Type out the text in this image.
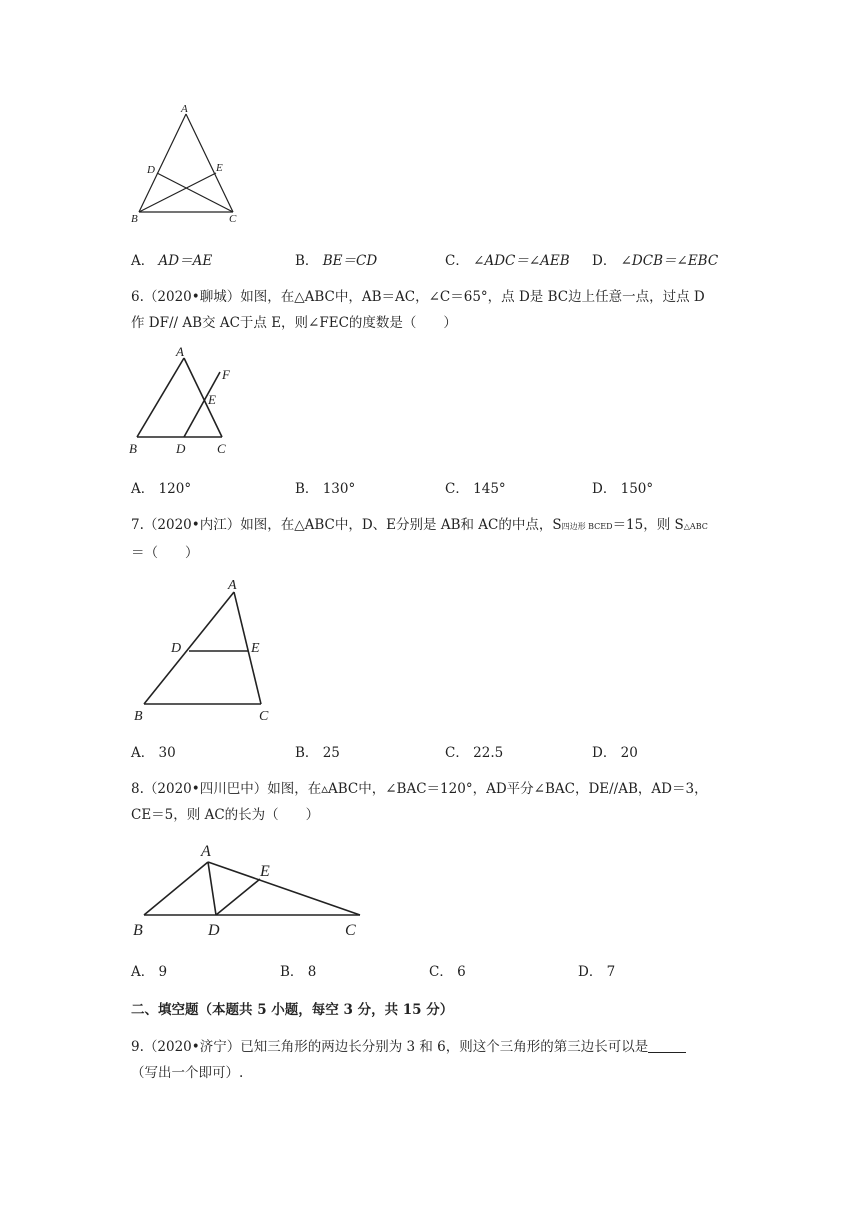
A
D	E
B	C
A． AD＝AE	B． BE＝CD	C． ∠ADC＝∠AEB D． ∠DCB＝∠EBC
6.（2020•聊城）如图，在△ABC中，AB＝AC，∠C＝65°，点 D是 BC边上任意一点，过点 D
作 DF// AB交 AC于点 E，则∠FEC的度数是（　　）
A
F
E
B	D C
A． 120°	B． 130°	C． 145°	D． 150°
7.（2020•内江）如图，在△ABC中，D、E分别是 AB和 AC的中点，S四边形 BCED＝15，则 S△ABC
＝（　　）
A
D	E
B	C
A． 30	B． 25	C． 22.5	D． 20
8.（2020•四川巴中）如图，在▵ABC中，∠BAC＝120°，AD平分∠BAC，DE//AB，AD＝3，
CE＝5，则 AC的长为（　　）
A
E
B	D	C
A． 9	B． 8	C． 6	D． 7
二、填空题（本题共 5 小题，每空 3 分，共 15 分）
9.（2020•济宁）已知三角形的两边长分别为 3 和 6，则这个三角形的第三边长可以是
（写出一个即可）.
